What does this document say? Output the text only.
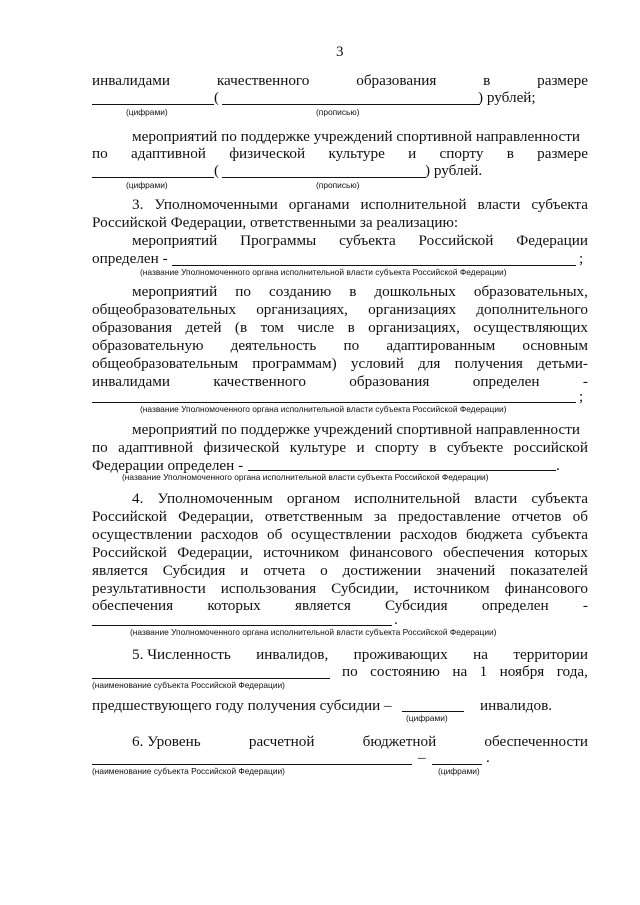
3
инвалидами	качественного	образования	в	размере
(	) рублей;
(цифрами)	(прописью)
мероприятий по поддержке учреждений спортивной направленности
по адаптивной физической культуре и спорту в размере
(	) рублей.
(цифрами)	(прописью)
3. Уполномоченными органами исполнительной власти субъекта
Российской Федерации, ответственными за реализацию:
мероприятий Программы субъекта Российской Федерации
определен -	;
(название Уполномоченного органа исполнительной власти субъекта Российской Федерации)
;
(название Уполномоченного органа исполнительной власти субъекта Российской Федерации)
мероприятий по поддержке учреждений спортивной направленности
по адаптивной физической культуре и спорту в субъекте российской
Федерации определен -	.
(название Уполномоченного органа исполнительной власти субъекта Российской Федерации)
.
(название Уполномоченного органа исполнительной власти субъекта Российской Федерации)
5. Численность инвалидов, проживающих на территории
по состоянию на 1 ноября года,
(наименование субъекта Российской Федерации)
предшествующего году получения субсидии –	инвалидов.
(цифрами)
6. Уровень	расчетной	бюджетной	обеспеченности
–	.
(наименование субъекта Российской Федерации)	(цифрами)
мероприятий по созданию в дошкольных образовательных,
общеобразовательных организациях, организациях дополнительного
образования детей (в том числе в организациях, осуществляющих
образовательную деятельность по адаптированным основным
общеобразовательным программам) условий для получения детьми-
инвалидами	качественного	образования	определен	-
4. Уполномоченным органом исполнительной власти субъекта
Российской Федерации, ответственным за предоставление отчетов об
осуществлении расходов об осуществлении расходов бюджета субъекта
Российской Федерации, источником финансового обеспечения которых
является Субсидия и отчета о достижении значений показателей
результативности использования Субсидии, источником финансового
обеспечения которых является Субсидия определен -
